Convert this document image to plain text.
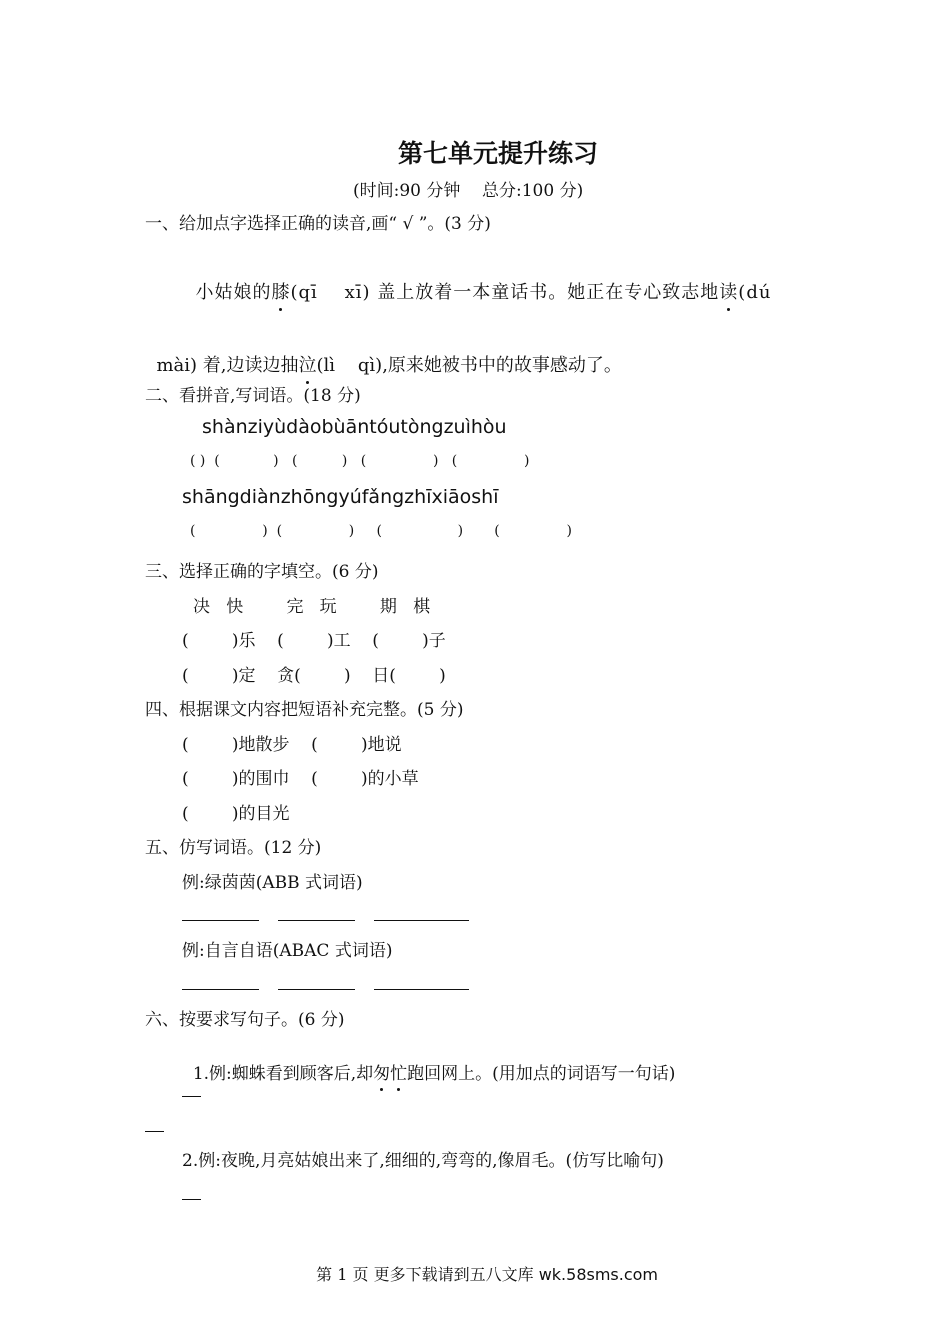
第七单元提升练习
(时间:90 分钟    总分:100 分)
一、给加点字选择正确的读音,画“ √ ”。(3 分)

小姑娘的膝(qī    xī) 盖上放着一本童话书。她正在专心致志地读(dú

mài) 着,边读边抽泣(lì    qì),原来她被书中的故事感动了。

二、看拼音,写词语。(18 分)
shànziyùdàobùāntóutòngzuìhòu
( )  (            )   (          )   (               )   (               )
shāngdiànzhōngyúfǎngzhīxiāoshī
(               )  (               )     (                 )       (               )
三、选择正确的字填空。(6 分)
决   快        完   玩        期   棋
(        )乐    (        )工    (        )子
(        )定    贪(        )    日(        )
四、根据课文内容把短语补充完整。(5 分)
(        )地散步    (        )地说
(        )的围巾    (        )的小草
(        )的目光
五、仿写词语。(12 分)
例:绿茵茵(ABB 式词语)
例:自言自语(ABAC 式词语)
六、按要求写句子。(6 分)

1.例:蜘蛛看到顾客后,却匆忙跑回网上。(用加点的词语写一句话)

2.例:夜晚,月亮姑娘出来了,细细的,弯弯的,像眉毛。(仿写比喻句)

第 1 页 更多下载请到五八文库 wk.58sms.com
